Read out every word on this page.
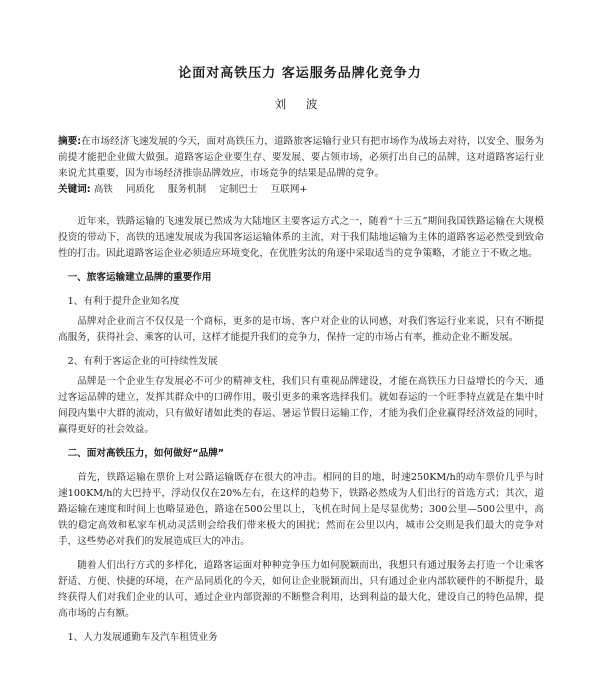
论面对高铁压力 客运服务品牌化竞争力
刘 波
摘要:在市场经济飞速发展的今天，面对高铁压力，道路旅客运输行业只有把市场作为战场去对待，以安全、服务为前提才能把企业做大做强。道路客运企业要生存、要发展、要占领市场，必须打出自己的品牌，这对道路客运行业来说尤其重要，因为市场经济推崇品牌效应，市场竞争的结果是品牌的竞争。
关键词: 高铁 同质化 服务机制 定制巴士 互联网+

近年来，铁路运输的飞速发展已然成为大陆地区主要客运方式之一，随着“十三五”期间我国铁路运输在大规模投资的带动下，高铁的迅速发展成为我国客运运输体系的主流，对于我们陆地运输为主体的道路客运必然受到致命性的打击。因此道路客运企业必须适应环境变化，在优胜劣汰的角逐中采取适当的竞争策略，才能立于不败之地。

一、旅客运输建立品牌的重要作用
1、有利于提升企业知名度

品牌对企业而言不仅仅是一个商标，更多的是市场、客户对企业的认同感，对我们客运行业来说，只有不断提高服务，获得社会、乘客的认可，这样才能提升我们的竞争力，保持一定的市场占有率，推动企业不断发展。

2、有利于客运企业的可持续性发展

品牌是一个企业生存发展必不可少的精神支柱，我们只有重视品牌建设，才能在高铁压力日益增长的今天，通过客运品牌的建立，发挥其群众中的口碑作用，吸引更多的乘客选择我们。就如春运的一个旺季特点就是在集中时间段内集中大群的流动，只有做好诸如此类的春运、暑运节假日运输工作，才能为我们企业赢得经济效益的同时，赢得更好的社会效益。

二、面对高铁压力，如何做好“品牌”

首先，铁路运输在票价上对公路运输既存在很大的冲击。相同的目的地，时速250KM/h的动车票价几乎与时速100KM/h的大巴持平，浮动仅仅在20%左右，在这样的趋势下，铁路必然成为人们出行的首选方式；其次，道路运输在速度和时间上也略显逊色，路途在500公里以上，飞机在时间上是尽显优势；300公里—500公里中，高铁的稳定高效和私家车机动灵活则会给我们带来极大的困扰；然而在公里以内，城市公交则是我们最大的竞争对手，这些势必对我们的发展造成巨大的冲击。

随着人们出行方式的多样化，道路客运面对种种竞争压力如何脱颖而出，我想只有通过服务去打造一个让乘客舒适、方便、快捷的环境，在产品同质化的今天，如何让企业脱颖而出，只有通过企业内部软硬件的不断提升，最终获得人们对我们企业的认可，通过企业内部资源的不断整合利用，达到利益的最大化，建设自己的特色品牌，提高市场的占有额。

1、人力发展通勤车及汽车租赁业务
